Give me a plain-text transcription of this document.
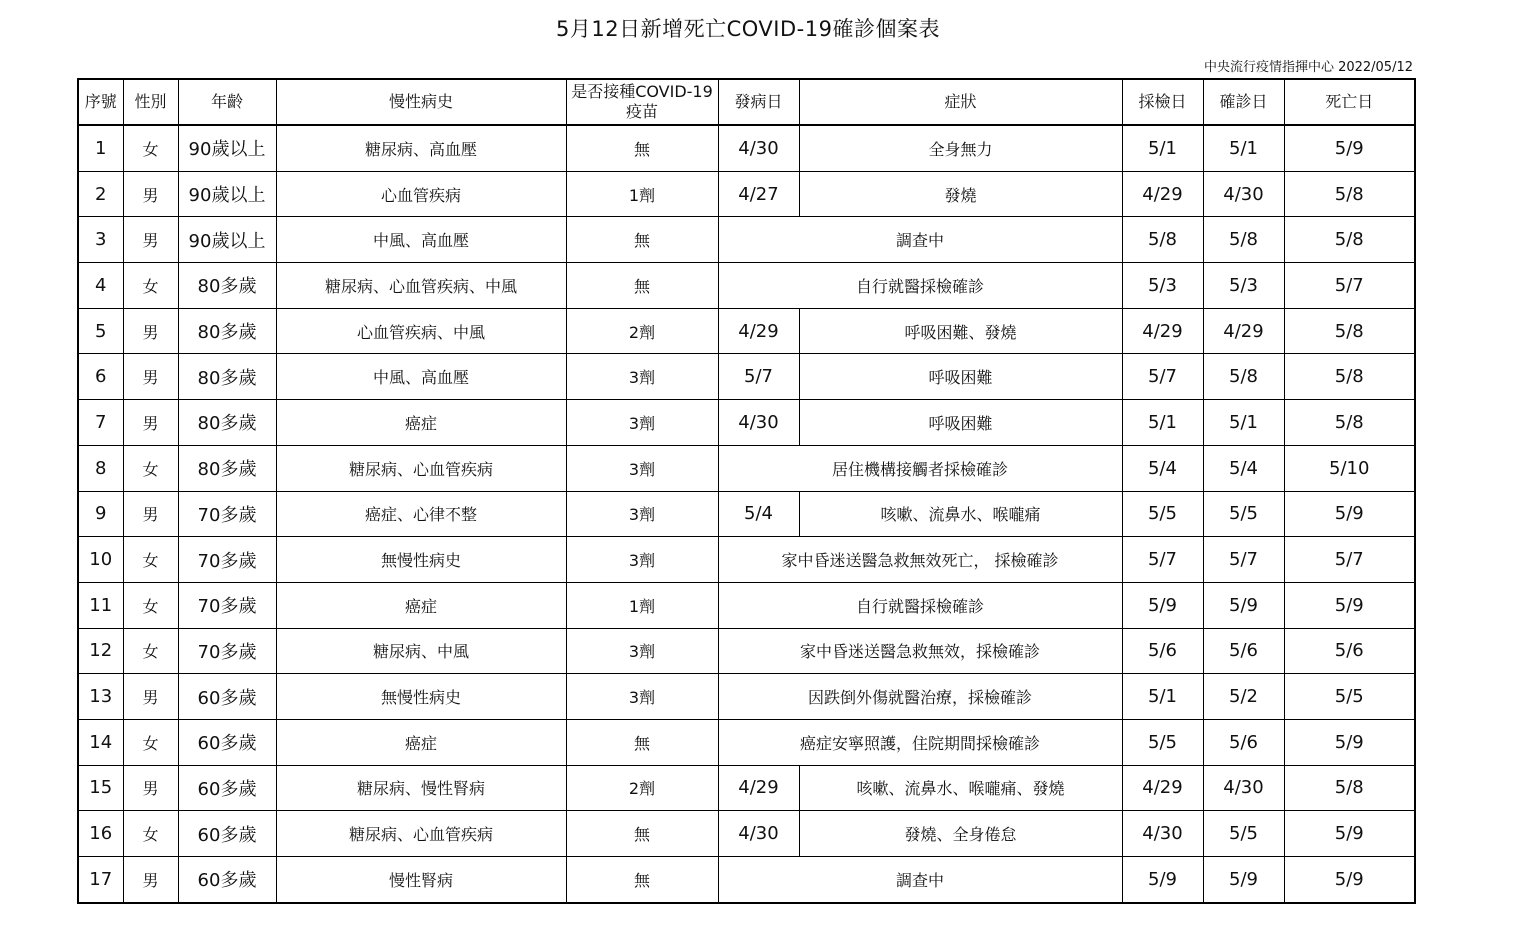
5月12日新增死亡COVID-19確診個案表
中央流行疫情指揮中心 2022/05/12
序號	性別	年齡	慢性病史	是否接種COVID-19疫苗	發病日	症狀	採檢日	確診日	死亡日
1	女	90歲以上	糖尿病、高血壓	無	4/30	全身無力	5/1	5/1	5/9
2	男	90歲以上	心血管疾病	1劑	4/27	發燒	4/29	4/30	5/8
3	男	90歲以上	中風、高血壓	無	調查中		5/8	5/8	5/8
4	女	80多歲	糖尿病、心血管疾病、中風	無	自行就醫採檢確診		5/3	5/3	5/7
5	男	80多歲	心血管疾病、中風	2劑	4/29	呼吸困難、發燒	4/29	4/29	5/8
6	男	80多歲	中風、高血壓	3劑	5/7	呼吸困難	5/7	5/8	5/8
7	男	80多歲	癌症	3劑	4/30	呼吸困難	5/1	5/1	5/8
8	女	80多歲	糖尿病、心血管疾病	3劑	居住機構接觸者採檢確診		5/4	5/4	5/10
9	男	70多歲	癌症、心律不整	3劑	5/4	咳嗽、流鼻水、喉嚨痛	5/5	5/5	5/9
10	女	70多歲	無慢性病史	3劑	家中昏迷送醫急救無效死亡， 採檢確診		5/7	5/7	5/7
11	女	70多歲	癌症	1劑	自行就醫採檢確診		5/9	5/9	5/9
12	女	70多歲	糖尿病、中風	3劑	家中昏迷送醫急救無效，採檢確診		5/6	5/6	5/6
13	男	60多歲	無慢性病史	3劑	因跌倒外傷就醫治療，採檢確診		5/1	5/2	5/5
14	女	60多歲	癌症	無	癌症安寧照護，住院期間採檢確診		5/5	5/6	5/9
15	男	60多歲	糖尿病、慢性腎病	2劑	4/29	咳嗽、流鼻水、喉嚨痛、發燒	4/29	4/30	5/8
16	女	60多歲	糖尿病、心血管疾病	無	4/30	發燒、全身倦怠	4/30	5/5	5/9
17	男	60多歲	慢性腎病	無	調查中		5/9	5/9	5/9
